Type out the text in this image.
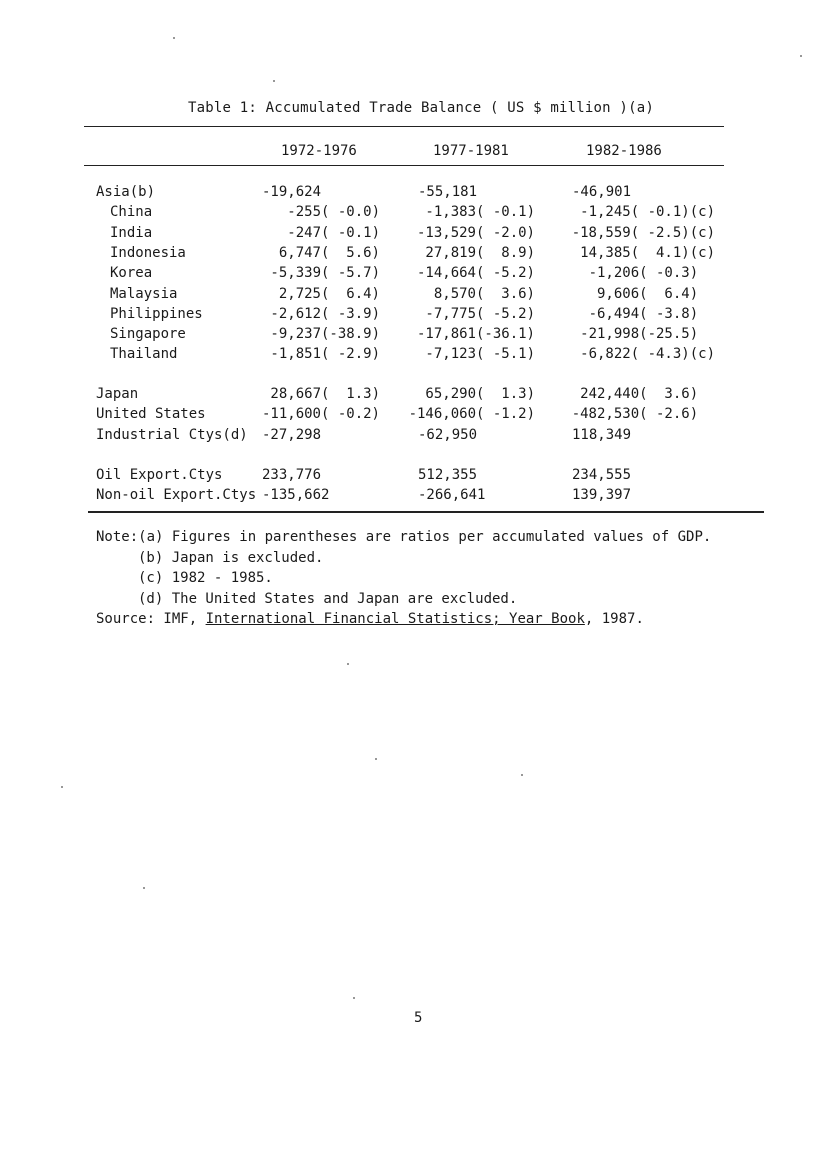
Table 1: Accumulated Trade Balance ( US $ million )(a)
1972-1976	1977-1981	1982-1986
Asia(b)	-19,624	-55,181	-46,901
China	-255( -0.0)	-1,383( -0.1)	-1,245( -0.1)(c)
India	-247( -0.1)	-13,529( -2.0)	-18,559( -2.5)(c)
Indonesia	6,747(  5.6)	27,819(  8.9)	14,385(  4.1)(c)
Korea	-5,339( -5.7)	-14,664( -5.2)	-1,206( -0.3)
Malaysia	2,725(  6.4)	8,570(  3.6)	9,606(  6.4)
Philippines	-2,612( -3.9)	-7,775( -5.2)	-6,494( -3.8)
Singapore	-9,237(-38.9)	-17,861(-36.1)	-21,998(-25.5)
Thailand	-1,851( -2.9)	-7,123( -5.1)	-6,822( -4.3)(c)
Japan	28,667(  1.3)	65,290(  1.3)	242,440(  3.6)
United States	-11,600( -0.2)	-146,060( -1.2)	-482,530( -2.6)
Industrial Ctys(d) -27,298	-62,950	118,349
Oil Export.Ctys	233,776	512,355	234,555
Non-oil Export.Ctys -135,662	-266,641	139,397
Note:(a) Figures in parentheses are ratios per accumulated values of GDP.
(b) Japan is excluded.
(c) 1982 - 1985.
(d) The United States and Japan are excluded.
Source: IMF, International Financial Statistics; Year Book, 1987.
5
